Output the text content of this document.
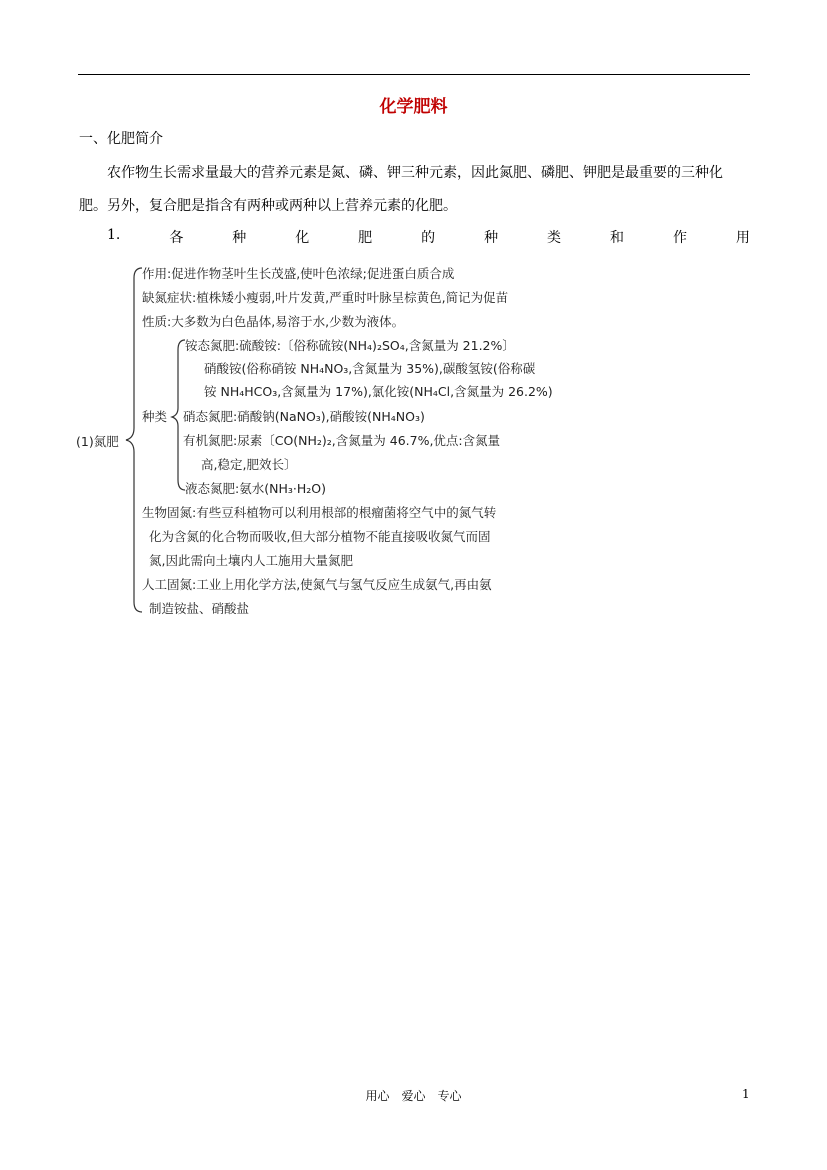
化学肥料
一、化肥简介

农作物生长需求量最大的营养元素是氮、磷、钾三种元素，因此氮肥、磷肥、钾肥是最重要的三种化肥。另外，复合肥是指含有两种或两种以上营养元素的化肥。

1.	各	种	化	肥	的	种	类	和	作	用
(1)氮肥
作用:促进作物茎叶生长茂盛,使叶色浓绿;促进蛋白质合成
缺氮症状:植株矮小瘦弱,叶片发黄,严重时叶脉呈棕黄色,简记为促苗
性质:大多数为白色晶体,易溶于水,少数为液体。
种类
铵态氮肥:硫酸铵:〔俗称硫铵(NH₄)₂SO₄,含氮量为 21.2%〕
硝酸铵(俗称硝铵 NH₄NO₃,含氮量为 35%),碳酸氢铵(俗称碳
铵 NH₄HCO₃,含氮量为 17%),氯化铵(NH₄Cl,含氮量为 26.2%)
硝态氮肥:硝酸钠(NaNO₃),硝酸铵(NH₄NO₃)
有机氮肥:尿素〔CO(NH₂)₂,含氮量为 46.7%,优点:含氮量
高,稳定,肥效长〕
液态氮肥:氨水(NH₃·H₂O)
生物固氮:有些豆科植物可以利用根部的根瘤菌将空气中的氮气转
化为含氮的化合物而吸收,但大部分植物不能直接吸收氮气而固
氮,因此需向土壤内人工施用大量氮肥
人工固氮:工业上用化学方法,使氮气与氢气反应生成氨气,再由氨
制造铵盐、硝酸盐
用心　爱心　专心	1
